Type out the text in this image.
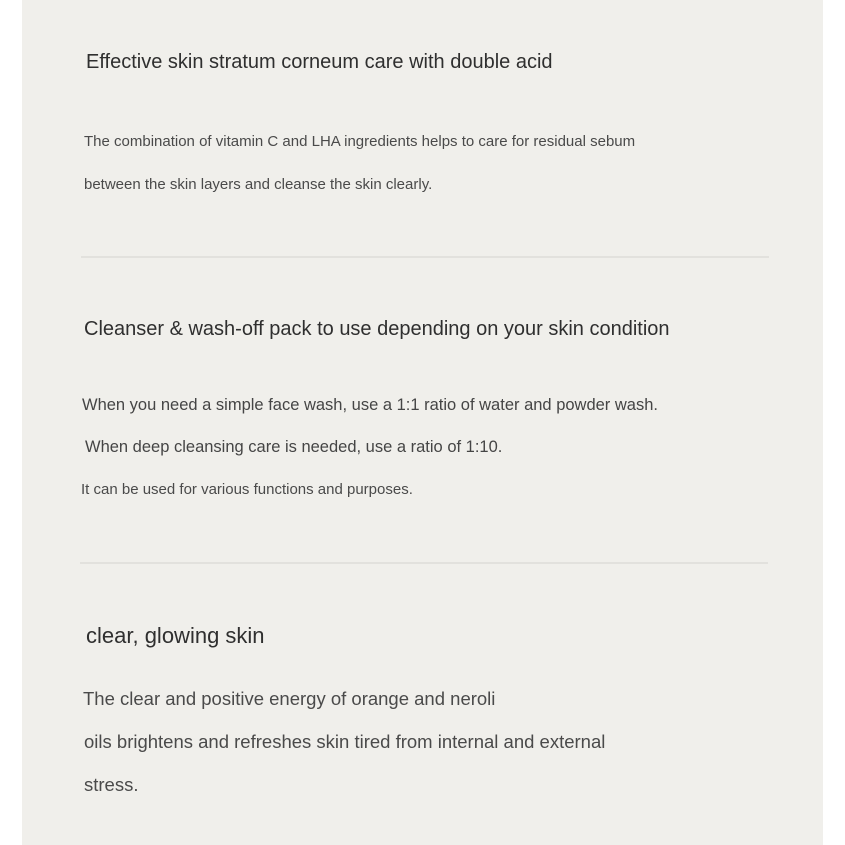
Effective skin stratum corneum care with double acid

The combination of vitamin C and LHA ingredients helps to care for residual sebum

between the skin layers and cleanse the skin clearly.

Cleanser & wash-off pack to use depending on your skin condition

When you need a simple face wash, use a 1:1 ratio of water and powder wash.

When deep cleansing care is needed, use a ratio of 1:10.

It can be used for various functions and purposes.

clear, glowing skin

The clear and positive energy of orange and neroli

oils brightens and refreshes skin tired from internal and external

stress.
